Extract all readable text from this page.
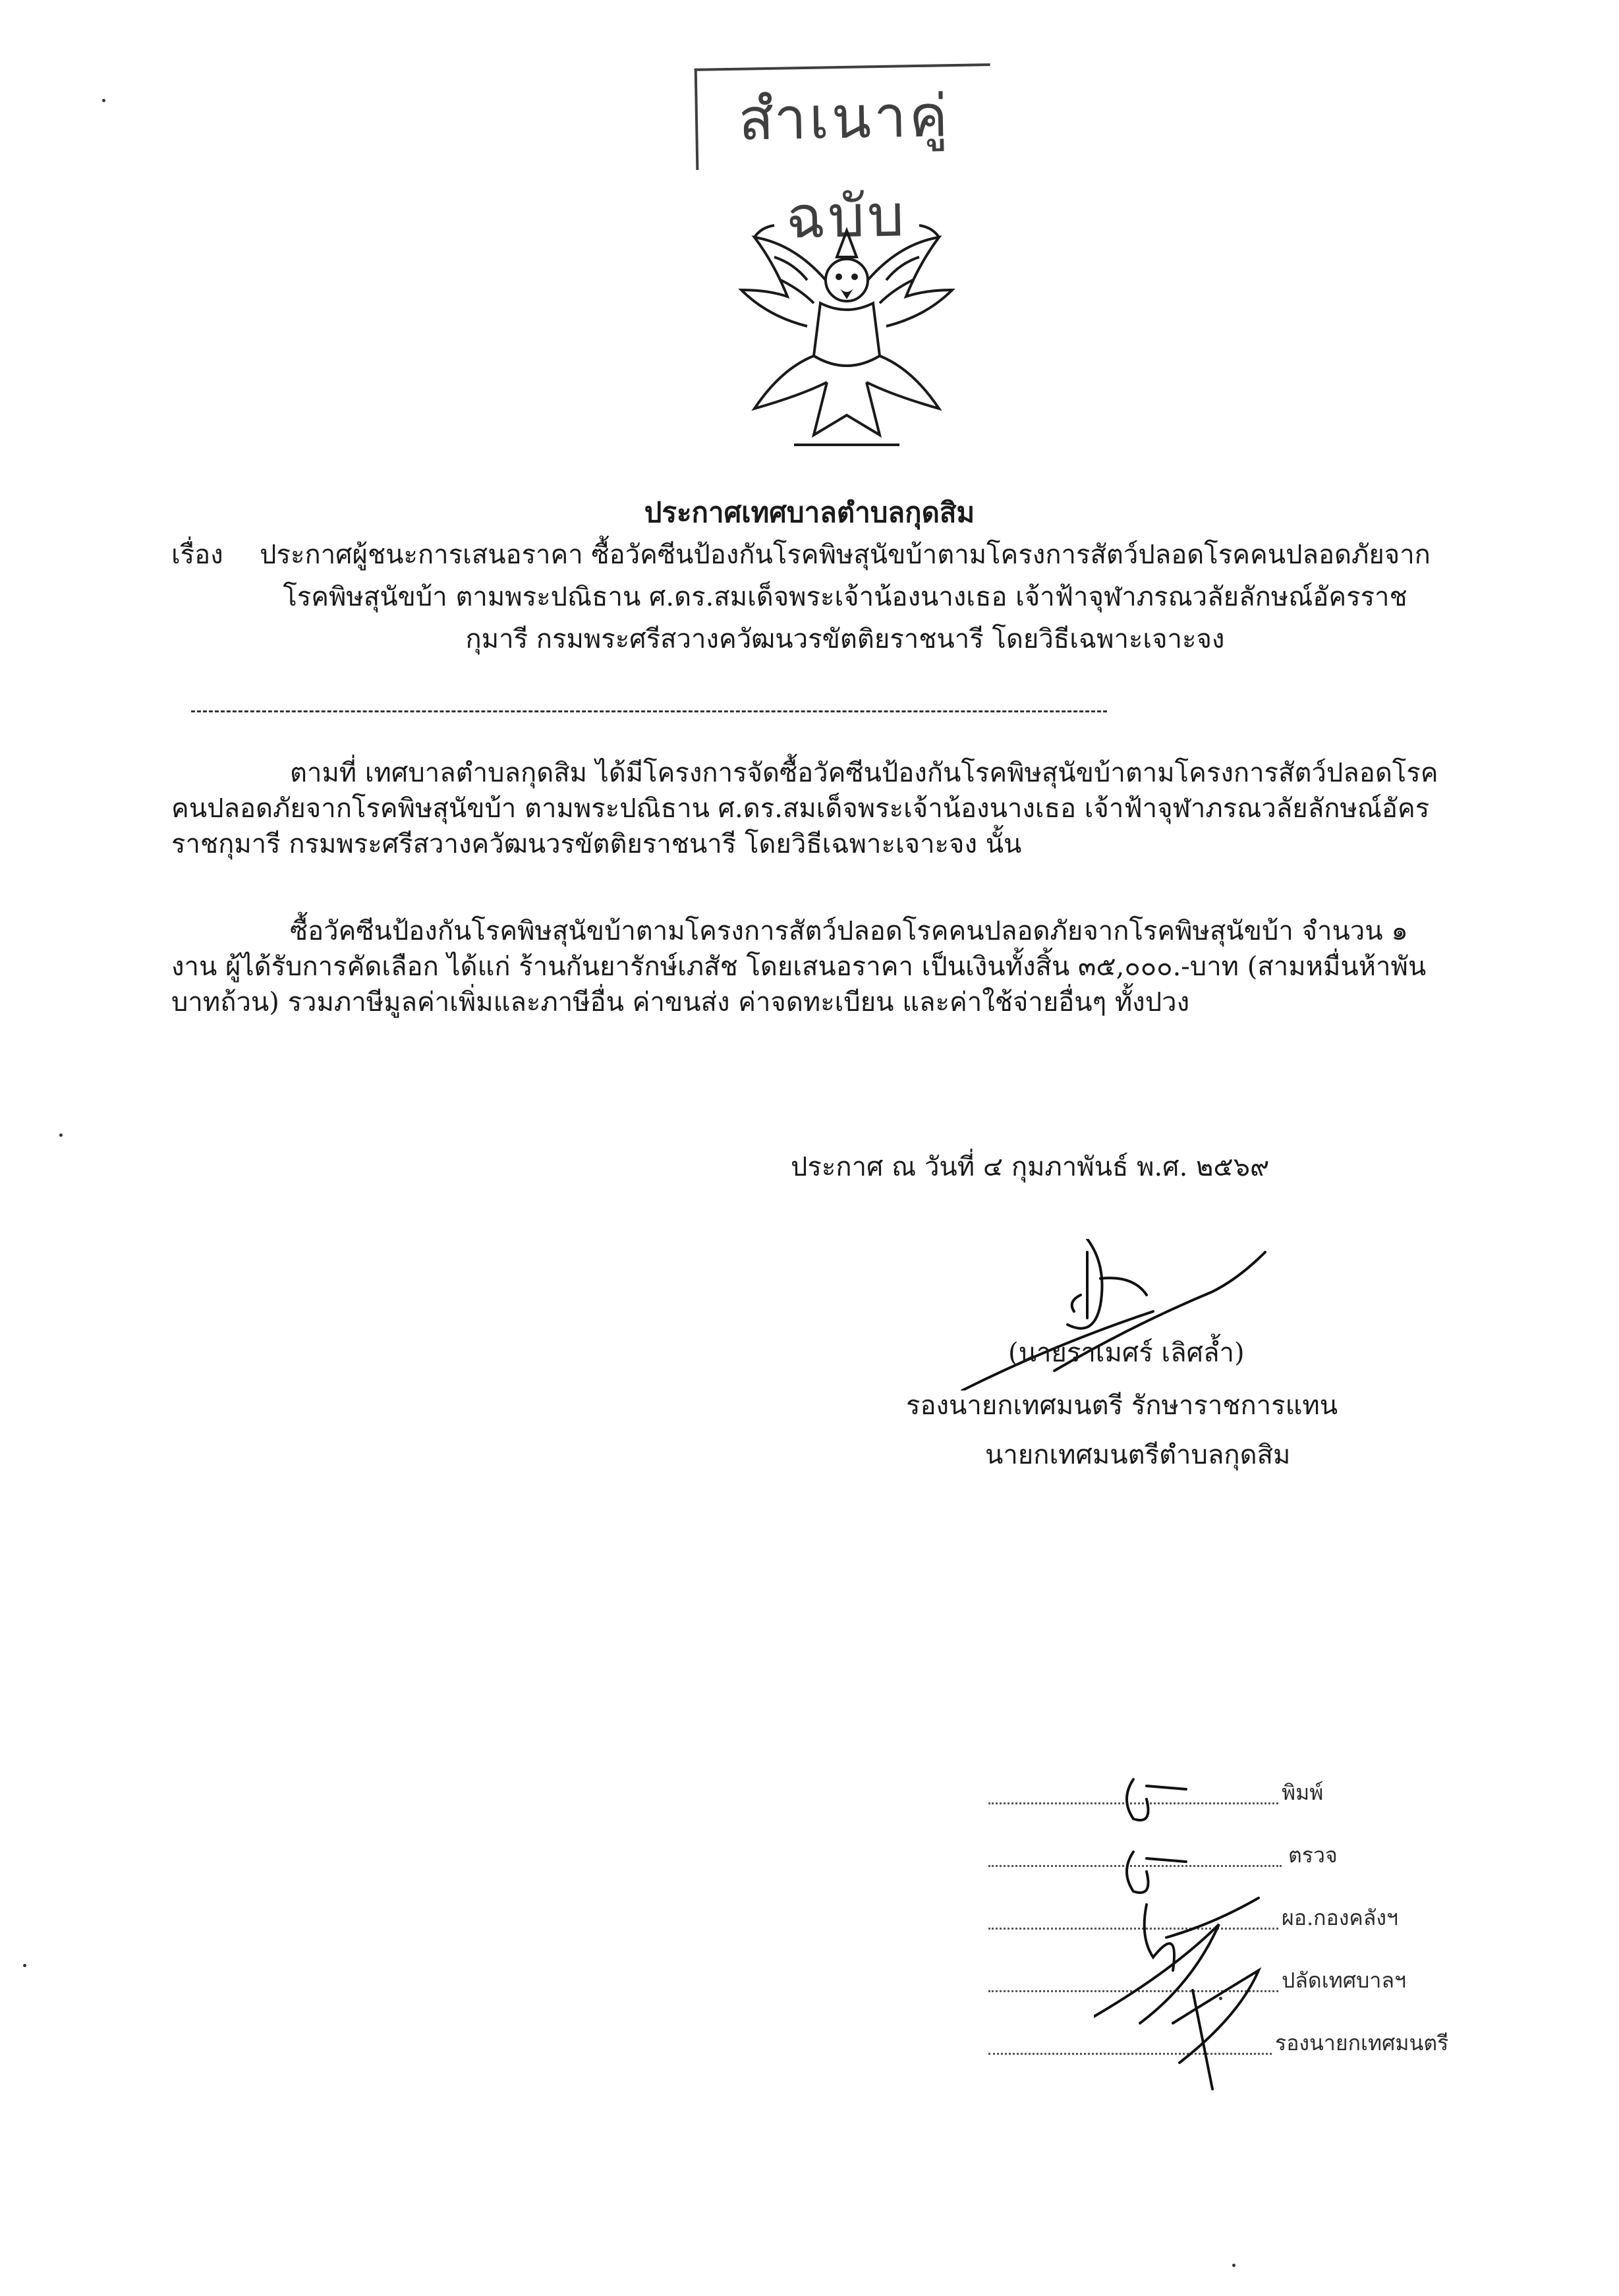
สำเนาคู่ฉบับ
ประกาศเทศบาลตำบลกุดสิม
เรื่อง	ประกาศผู้ชนะการเสนอราคา ซื้อวัคซีนป้องกันโรคพิษสุนัขบ้าตามโครงการสัตว์ปลอดโรคคนปลอดภัยจากโรคพิษสุนัขบ้า ตามพระปณิธาน ศ.ดร.สมเด็จพระเจ้าน้องนางเธอ เจ้าฟ้าจุฬาภรณวลัยลักษณ์อัครราชกุมารี กรมพระศรีสวางควัฒนวรขัตติยราชนารี โดยวิธีเฉพาะเจาะจง
ตามที่ เทศบาลตำบลกุดสิม ได้มีโครงการจัดซื้อวัคซีนป้องกันโรคพิษสุนัขบ้าตามโครงการสัตว์ปลอดโรคคนปลอดภัยจากโรคพิษสุนัขบ้า ตามพระปณิธาน ศ.ดร.สมเด็จพระเจ้าน้องนางเธอ เจ้าฟ้าจุฬาภรณวลัยลักษณ์อัครราชกุมารี กรมพระศรีสวางควัฒนวรขัตติยราชนารี โดยวิธีเฉพาะเจาะจง นั้น
ซื้อวัคซีนป้องกันโรคพิษสุนัขบ้าตามโครงการสัตว์ปลอดโรคคนปลอดภัยจากโรคพิษสุนัขบ้า จำนวน ๑ งาน ผู้ได้รับการคัดเลือก ได้แก่ ร้านกันยารักษ์เภสัช โดยเสนอราคา เป็นเงินทั้งสิ้น ๓๕,๐๐๐.-บาท (สามหมื่นห้าพันบาทถ้วน) รวมภาษีมูลค่าเพิ่มและภาษีอื่น ค่าขนส่ง ค่าจดทะเบียน และค่าใช้จ่ายอื่นๆ ทั้งปวง
ประกาศ ณ วันที่ ๔ กุมภาพันธ์ พ.ศ. ๒๕๖๙
(นายราเมศร์ เลิศล้ำ)
รองนายกเทศมนตรี รักษาราชการแทน
นายกเทศมนตรีตำบลกุดสิม
พิมพ์
ตรวจ
ผอ.กองคลังฯ
ปลัดเทศบาลฯ
รองนายกเทศมนตรี
